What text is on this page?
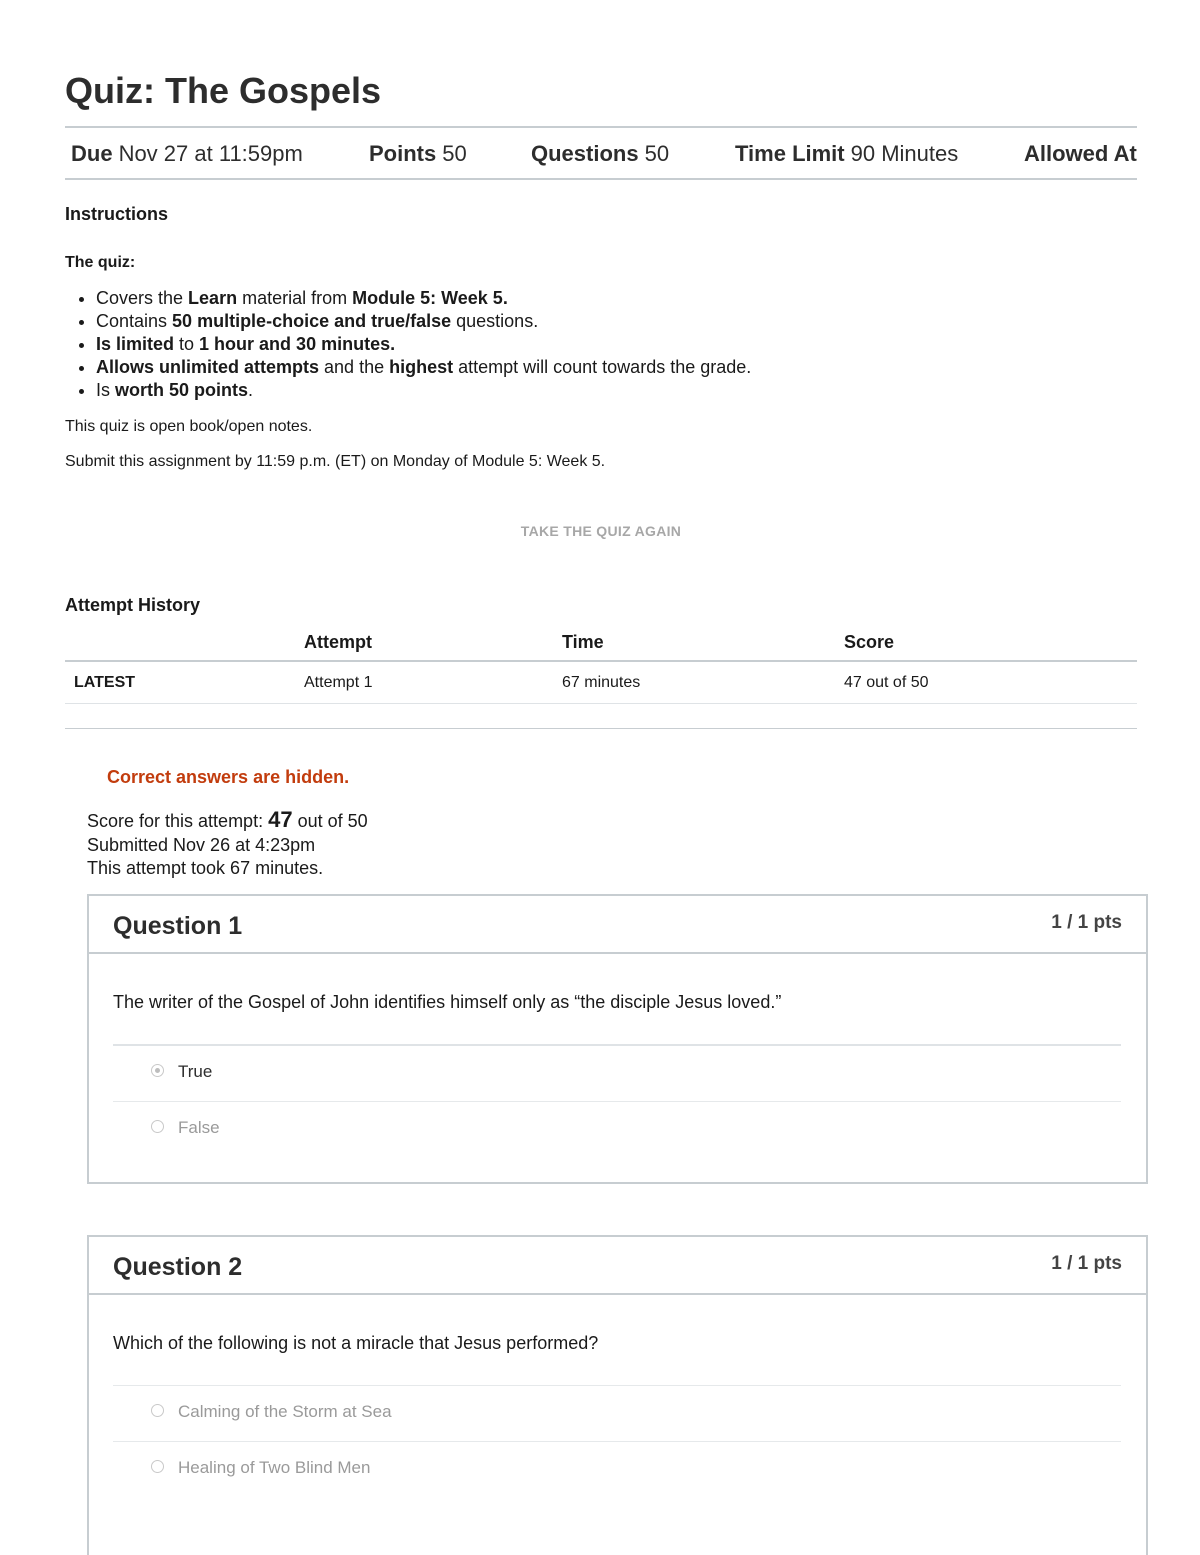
Quiz: The Gospels
Due Nov 27 at 11:59pm	Points 50	Questions 50	Time Limit 90 Minutes	Allowed At
Instructions
The quiz:
• Covers the Learn material from Module 5: Week 5.
• Contains 50 multiple-choice and true/false questions.
• Is limited to 1 hour and 30 minutes.
• Allows unlimited attempts and the highest attempt will count towards the grade.
• Is worth 50 points.
This quiz is open book/open notes.
Submit this assignment by 11:59 p.m. (ET) on Monday of Module 5: Week 5.
TAKE THE QUIZ AGAIN
Attempt History
	Attempt	Time	Score
LATEST	Attempt 1	67 minutes	47 out of 50
Correct answers are hidden.
Score for this attempt: 47 out of 50
Submitted Nov 26 at 4:23pm
This attempt took 67 minutes.
Question 1	1 / 1 pts
The writer of the Gospel of John identifies himself only as “the disciple Jesus loved.”
True
False
Question 2	1 / 1 pts
Which of the following is not a miracle that Jesus performed?
Calming of the Storm at Sea
Healing of Two Blind Men
